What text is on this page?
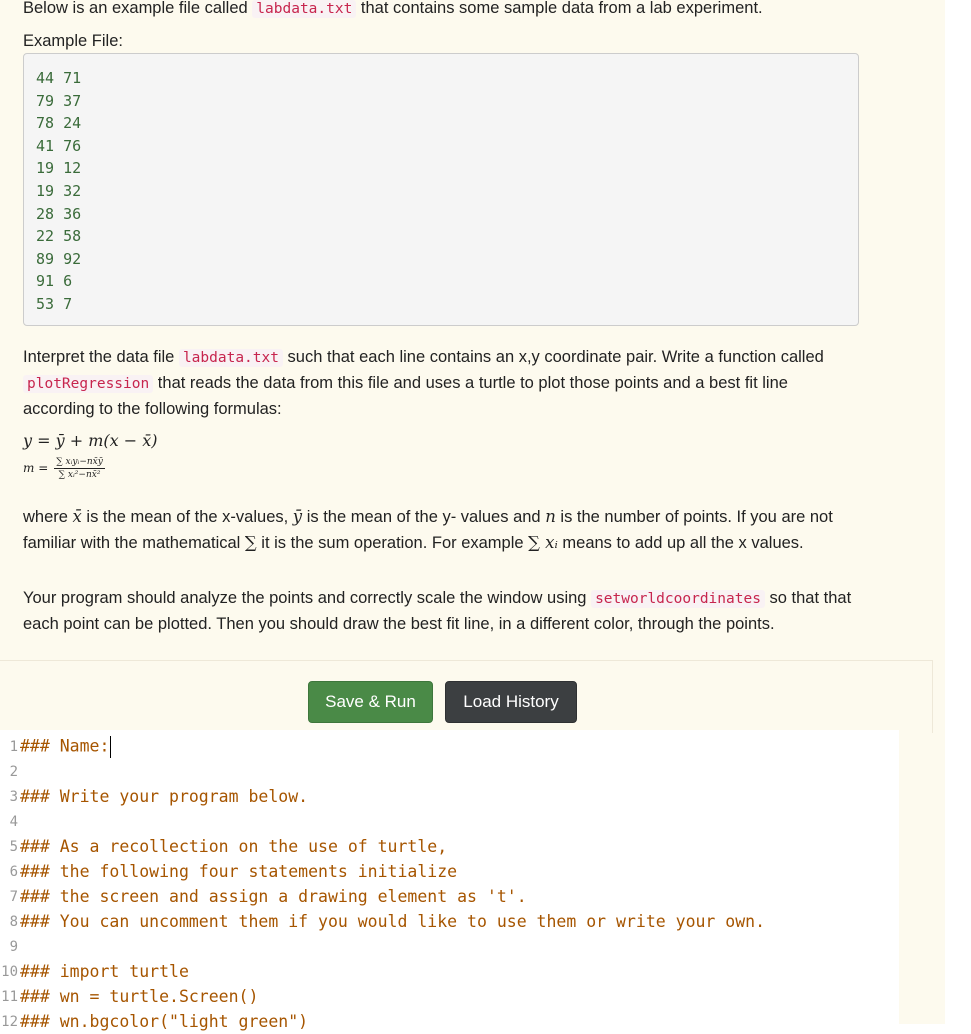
Below is an example file called labdata.txt that contains some sample data from a lab experiment.

Example File:

44 71
79 37
78 24
41 76
19 12
19 32
28 36
22 58
89 92
91 6
53 7

Interpret the data file labdata.txt such that each line contains an x,y coordinate pair. Write a function called plotRegression that reads the data from this file and uses a turtle to plot those points and a best fit line according to the following formulas:

y = ȳ + m(x − x̄)
$m = \frac{\text{∑ xᵢyᵢ−nx̄ȳ}}{\text{∑ xᵢ²−nx̄²}}$

where x̄ is the mean of the x-values, ȳ is the mean of the y- values and n is the number of points. If you are not familiar with the mathematical ∑ it is the sum operation. For example ∑ xᵢ means to add up all the x values.

Your program should analyze the points and correctly scale the window using setworldcoordinates so that that each point can be plotted. Then you should draw the best fit line, in a different color, through the points.

Save & Run	Load History
1 ### Name:
2
3 ### Write your program below.
4
5 ### As a recollection on the use of turtle,
6 ### the following four statements initialize
7 ### the screen and assign a drawing element as 't'.
8 ### You can uncomment them if you would like to use them or write your own.
9
10 ### import turtle
11 ### wn = turtle.Screen()
12 ### wn.bgcolor("light green")
